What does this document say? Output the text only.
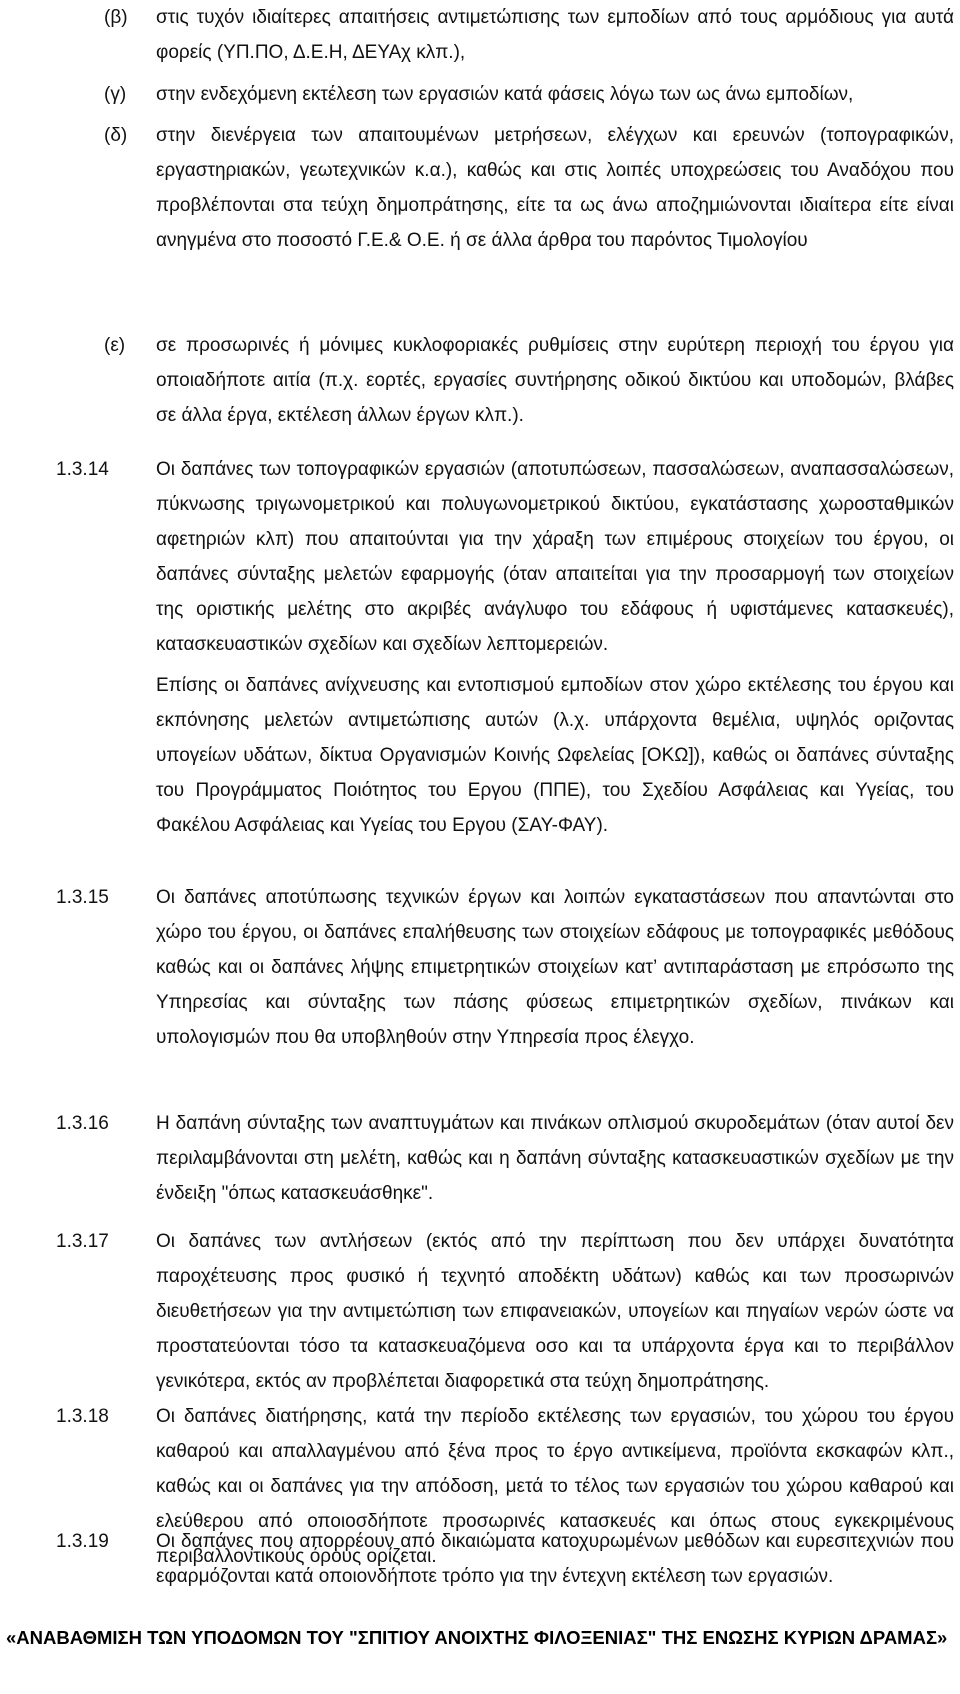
(β) στις τυχόν ιδιαίτερες απαιτήσεις αντιμετώπισης των εμποδίων από τους αρμόδιους για αυτά φορείς (ΥΠ.ΠΟ, Δ.Ε.Η, ΔΕΥΑχ κλπ.),
(γ) στην ενδεχόμενη εκτέλεση των εργασιών κατά φάσεις λόγω των ως άνω εμποδίων,
(δ) στην διενέργεια των απαιτουμένων μετρήσεων, ελέγχων και ερευνών (τοπογραφικών, εργαστηριακών, γεωτεχνικών κ.α.), καθώς και στις λοιπές υποχρεώσεις του Αναδόχου που προβλέπονται στα τεύχη δημοπράτησης, είτε τα ως άνω αποζημιώνονται ιδιαίτερα είτε είναι ανηγμένα στο ποσοστό Γ.Ε.& Ο.Ε. ή σε άλλα άρθρα του παρόντος Τιμολογίου
(ε) σε προσωρινές ή μόνιμες κυκλοφοριακές ρυθμίσεις στην ευρύτερη περιοχή του έργου για οποιαδήποτε αιτία (π.χ. εορτές, εργασίες συντήρησης οδικού δικτύου και υποδομών, βλάβες σε άλλα έργα, εκτέλεση άλλων έργων κλπ.).
1.3.14 Οι δαπάνες των τοπογραφικών εργασιών (αποτυπώσεων, πασσαλώσεων, αναπασσαλώσεων, πύκνωσης τριγωνομετρικού και πολυγωνομετρικού δικτύου, εγκατάστασης χωροσταθμικών αφετηριών κλπ) που απαιτούνται για την χάραξη των επιμέρους στοιχείων του έργου, οι δαπάνες σύνταξης μελετών εφαρμογής (όταν απαιτείται για την προσαρμογή των στοιχείων της οριστικής μελέτης στο ακριβές ανάγλυφο του εδάφους ή υφιστάμενες κατασκευές), κατασκευαστικών σχεδίων και σχεδίων λεπτομερειών.
Επίσης οι δαπάνες ανίχνευσης και εντοπισμού εμποδίων στον χώρο εκτέλεσης του έργου και εκπόνησης μελετών αντιμετώπισης αυτών (λ.χ. υπάρχοντα θεμέλια, υψηλός οριζοντας υπογείων υδάτων, δίκτυα Οργανισμών Κοινής Ωφελείας [ΟΚΩ]), καθώς οι δαπάνες σύνταξης του Προγράμματος Ποιότητος του Εργου (ΠΠΕ), του Σχεδίου Ασφάλειας και Υγείας, του Φακέλου Ασφάλειας και Υγείας του Εργου (ΣΑΥ-ΦΑΥ).
1.3.15 Οι δαπάνες αποτύπωσης τεχνικών έργων και λοιπών εγκαταστάσεων που απαντώνται στο χώρο του έργου, οι δαπάνες επαλήθευσης των στοιχείων εδάφους με τοπογραφικές μεθόδους καθώς και οι δαπάνες λήψης επιμετρητικών στοιχείων κατ’ αντιπαράσταση με επρόσωπο της Υπηρεσίας και σύνταξης των πάσης φύσεως επιμετρητικών σχεδίων, πινάκων και υπολογισμών που θα υποβληθούν στην Υπηρεσία προς έλεγχο.
1.3.16 Η δαπάνη σύνταξης των αναπτυγμάτων και πινάκων οπλισμού σκυροδεμάτων (όταν αυτοί δεν περιλαμβάνονται στη μελέτη, καθώς και η δαπάνη σύνταξης κατασκευαστικών σχεδίων με την ένδειξη "όπως κατασκευάσθηκε".
1.3.17 Οι δαπάνες των αντλήσεων (εκτός από την περίπτωση που δεν υπάρχει δυνατότητα παροχέτευσης προς φυσικό ή τεχνητό αποδέκτη υδάτων) καθώς και των προσωρινών διευθετήσεων για την αντιμετώπιση των επιφανειακών, υπογείων και πηγαίων νερών ώστε να προστατεύονται τόσο τα κατασκευαζόμενα οσο και τα υπάρχοντα έργα και το περιβάλλον γενικότερα, εκτός αν προβλέπεται διαφορετικά στα τεύχη δημοπράτησης.
1.3.18 Οι δαπάνες διατήρησης, κατά την περίοδο εκτέλεσης των εργασιών, του χώρου του έργου καθαρού και απαλλαγμένου από ξένα προς το έργο αντικείμενα, προϊόντα εκσκαφών κλπ., καθώς και οι δαπάνες για την απόδοση, μετά το τέλος των εργασιών του χώρου καθαρού και ελεύθερου από οποιοσδήποτε προσωρινές κατασκευές και όπως στους εγκεκριμένους περιβαλλοντικούς όρους ορίζεται.
1.3.19 Οι δαπάνες που απορρέουν από δικαιώματα κατοχυρωμένων μεθόδων και ευρεσιτεχνιών που εφαρμόζονται κατά οποιονδήποτε τρόπο για την έντεχνη εκτέλεση των εργασιών.
«ΑΝΑΒΑΘΜΙΣΗ ΤΩΝ ΥΠΟΔΟΜΩΝ ΤΟΥ "ΣΠΙΤΙΟΥ ΑΝΟΙΧΤΗΣ ΦΙΛΟΞΕΝΙΑΣ" ΤΗΣ ΕΝΩΣΗΣ ΚΥΡΙΩΝ ΔΡΑΜΑΣ»
